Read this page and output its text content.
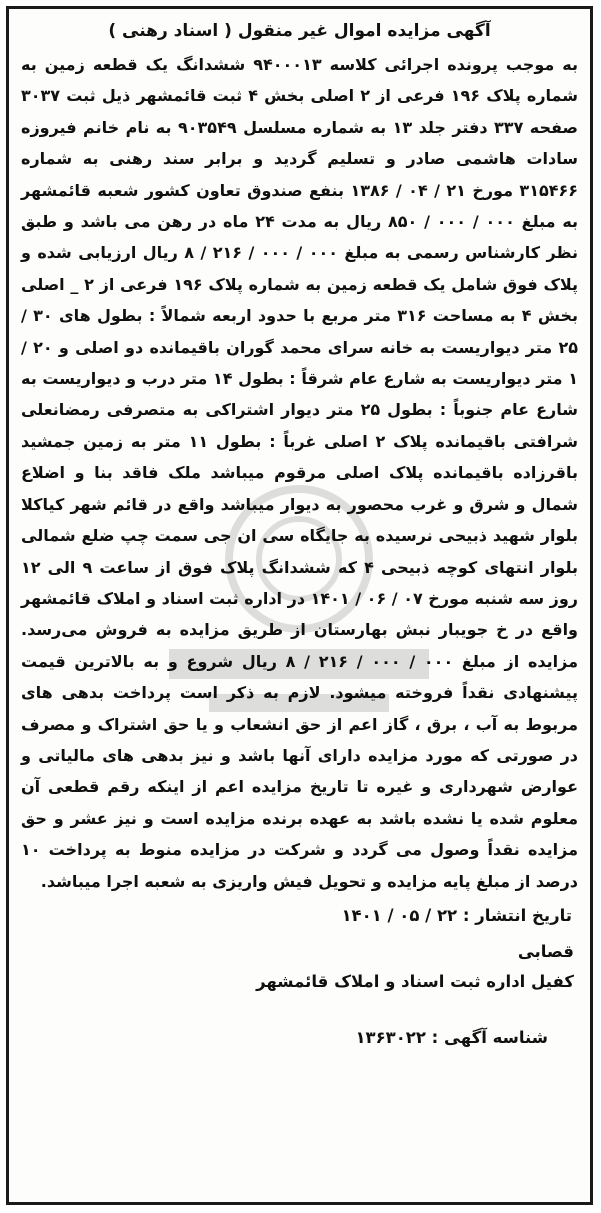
آگهی مزایده اموال غیر منقول ( اسناد رهنی )

به موجب پرونده اجرائی کلاسه ۹۴۰۰۰۱۳ ششدانگ یک قطعه زمین به شماره پلاک ۱۹۶ فرعی از ۲ اصلی بخش ۴ ثبت قائمشهر ذیل ثبت ۳۰۳۷ صفحه ۳۳۷ دفتر جلد ۱۳ به شماره مسلسل ۹۰۳۵۴۹ به نام خانم فیروزه سادات هاشمی صادر و تسلیم گردید و برابر سند رهنی به شماره ۳۱۵۴۶۶ مورخ ۲۱ / ۰۴ / ۱۳۸۶ بنفع صندوق تعاون کشور شعبه قائمشهر به مبلغ ۰۰۰ / ۰۰۰ / ۸۵۰ ریال به مدت ۲۴ ماه در رهن می باشد و طبق نظر کارشناس رسمی به مبلغ ۰۰۰ / ۰۰۰ / ۲۱۶ / ۸ ریال ارزیابی شده و پلاک فوق شامل یک قطعه زمین به شماره پلاک ۱۹۶ فرعی از ۲ _ اصلی بخش ۴ به مساحت ۳۱۶ متر مربع با حدود اربعه شمالاً : بطول های ۳۰ / ۲۵ متر دیواریست به خانه سرای محمد گوران باقیمانده دو اصلی و ۲۰ / ۱ متر دیواریست به شارع عام شرقاً : بطول ۱۴ متر درب و دیواریست به شارع عام جنوباً : بطول ۲۵ متر دیوار اشتراکی به متصرفی رمضانعلی شرافتی باقیمانده پلاک ۲ اصلی غرباً : بطول ۱۱ متر به زمین جمشید باقرزاده باقیمانده پلاک اصلی مرقوم میباشد ملک فاقد بنا و اضلاع شمال و شرق و غرب محصور به دیوار میباشد واقع در قائم شهر کیاکلا بلوار شهید ذبیحی نرسیده به جایگاه سی ان جی سمت چپ ضلع شمالی بلوار انتهای کوچه ذبیحی ۴ که ششدانگ پلاک فوق از ساعت ۹ الی ۱۲ روز سه شنبه مورخ ۰۷ / ۰۶ / ۱۴۰۱ در اداره ثبت اسناد و املاک قائمشهر واقع در خ جویبار نبش بهارستان از طریق مزایده به فروش می‌رسد. مزایده از مبلغ ۰۰۰ / ۰۰۰ / ۲۱۶ / ۸ ریال شروع و به بالاترین قیمت پیشنهادی نقداً فروخته میشود. لازم به ذکر است پرداخت بدهی های مربوط به آب ، برق ، گاز اعم از حق انشعاب و یا حق اشتراک و مصرف در صورتی که مورد مزایده دارای آنها باشد و نیز بدهی های مالیاتی و عوارض شهرداری و غیره تا تاریخ مزایده اعم از اینکه رقم قطعی آن معلوم شده یا نشده باشد به عهده برنده مزایده است و نیز عشر و حق مزایده نقداً وصول می گردد و شرکت در مزایده منوط به پرداخت ۱۰ درصد از مبلغ پایه مزایده و تحویل فیش واریزی به شعبه اجرا میباشد.

تاریخ انتشار : ۲۲ / ۰۵ / ۱۴۰۱
قصابی
کفیل اداره ثبت اسناد و املاک قائمشهر
شناسه آگهی : ۱۳۶۳۰۲۲
